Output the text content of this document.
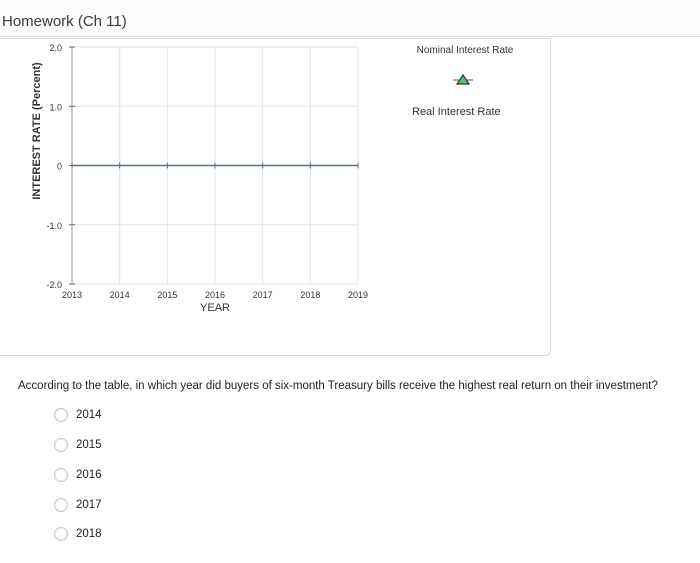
Homework (Ch 11)
-2.0
-1.0
0
1.0
2.0
2013	2014	2015	2016	2017	2018	2019
YEAR
INTEREST RATE (Percent)
Nominal Interest Rate
Real Interest Rate
According to the table, in which year did buyers of six-month Treasury bills receive the highest real return on their investment?
2014
2015
2016
2017
2018
